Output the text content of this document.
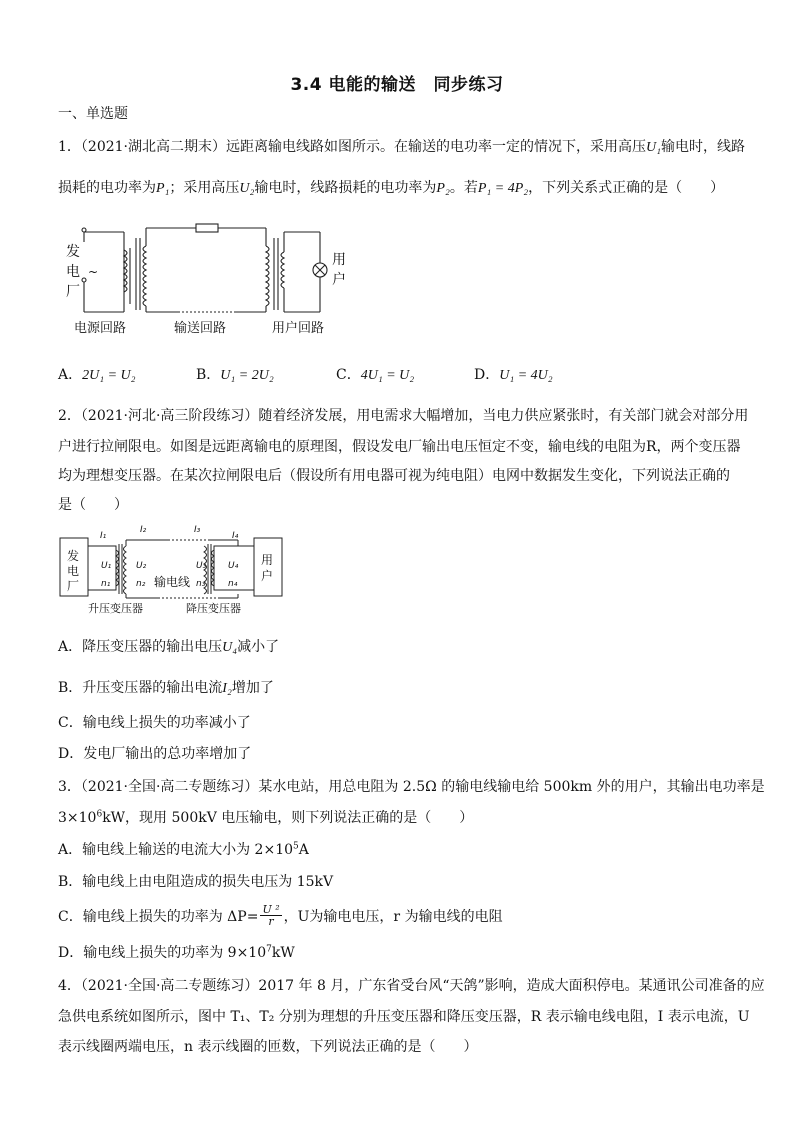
3.4 电能的输送　同步练习
一、单选题
1．（2021·湖北高二期末）远距离输电线路如图所示。在输送的电功率一定的情况下，采用高压U₁输电时，线路
损耗的电功率为P₁；采用高压U₂输电时，线路损耗的电功率为P₂。若P₁ = 4P₂，下列关系式正确的是（　　）
发
电 ~
厂
用
户
电源回路	输送回路	用户回路
A．2U₁ = U₂	B．U₁ = 2U₂	C．4U₁ = U₂	D．U₁ = 4U₂
2．（2021·河北·高三阶段练习）随着经济发展，用电需求大幅增加，当电力供应紧张时，有关部门就会对部分用
户进行拉闸限电。如图是远距离输电的原理图，假设发电厂输出电压恒定不变，输电线的电阻为R，两个变压器
均为理想变压器。在某次拉闸限电后（假设所有用电器可视为纯电阻）电网中数据发生变化，下列说法正确的
是（　　）
发
电
厂
用
户
I₁
I₂	I₃
I₄
U₁	U₂	U₃ U₄
n₁	n₂	n₃	n₄
输电线
升压变压器	降压变压器
A．降压变压器的输出电压U₄减小了
B．升压变压器的输出电流I₂增加了
C．输电线上损失的功率减小了
D．发电厂输出的总功率增加了
3．（2021·全国·高二专题练习）某水电站，用总电阻为 2.5Ω 的输电线输电给 500km 外的用户，其输出电功率是
$3\times 10^6kW$，现用 500kV 电压输电，则下列说法正确的是（　　）
A．输电线上输送的电流大小为 $2\times 10^5A$
B．输电线上由电阻造成的损失电压为 15kV
C．输电线上损失的功率为 $\Delta P= \frac{\text{U ²}}{r}$ ，U为输电电压，r 为输电线的电阻
D．输电线上损失的功率为 $9\times 10^7kW$
4．（2021·全国·高二专题练习）2017 年 8 月，广东省受台风“天鸽”影响，造成大面积停电。某通讯公司准备的应
急供电系统如图所示，图中 T₁、T₂ 分别为理想的升压变压器和降压变压器，R 表示输电线电阻，I 表示电流，U
表示线圈两端电压，n 表示线圈的匝数，下列说法正确的是（　　）
